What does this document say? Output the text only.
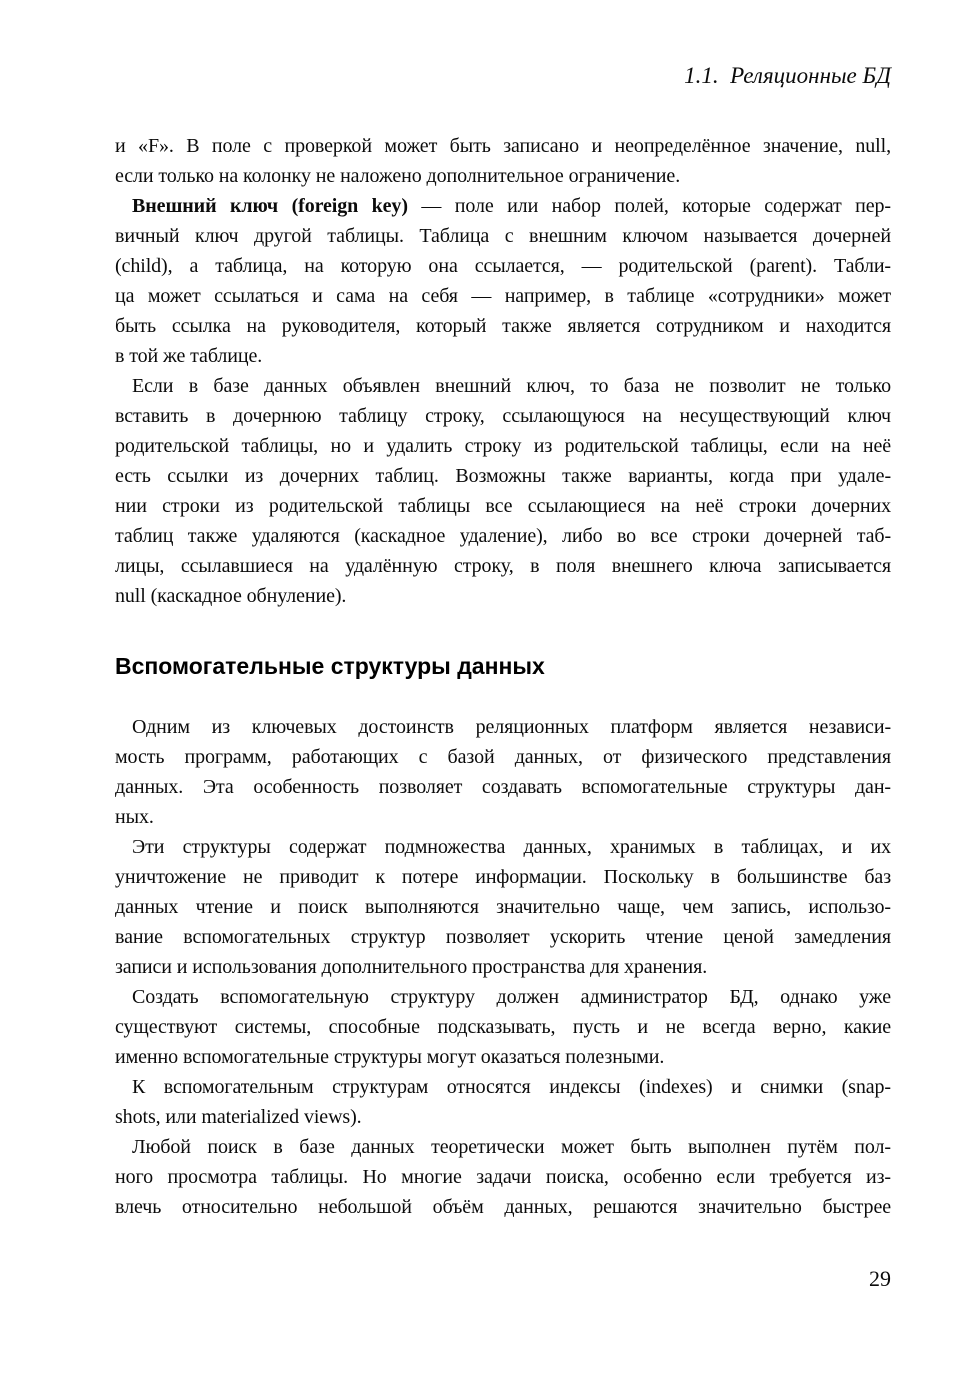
1.1.  Реляционные БД
и «F». В поле с проверкой может быть записано и неопределённое значение, null,
если только на колонку не наложено дополнительное ограничение.
Внешний ключ (foreign key) — поле или набор полей, которые содержат пер-
вичный ключ другой таблицы. Таблица с внешним ключом называется дочерней
(child), а таблица, на которую она ссылается, — родительской (parent). Табли-
ца может ссылаться и сама на себя — например, в таблице «сотрудники» может
быть ссылка на руководителя, который также является сотрудником и находится
в той же таблице.
Если в базе данных объявлен внешний ключ, то база не позволит не только
вставить в дочернюю таблицу строку, ссылающуюся на несуществующий ключ
родительской таблицы, но и удалить строку из родительской таблицы, если на неё
есть ссылки из дочерних таблиц. Возможны также варианты, когда при удале-
нии строки из родительской таблицы все ссылающиеся на неё строки дочерних
таблиц также удаляются (каскадное удаление), либо во все строки дочерней таб-
лицы, ссылавшиеся на удалённую строку, в поля внешнего ключа записывается
null (каскадное обнуление).
Вспомогательные структуры данных
Одним из ключевых достоинств реляционных платформ является независи-
мость программ, работающих с базой данных, от физического представления
данных. Эта особенность позволяет создавать вспомогательные структуры дан-
ных.
Эти структуры содержат подмножества данных, хранимых в таблицах, и их
уничтожение не приводит к потере информации. Поскольку в большинстве баз
данных чтение и поиск выполняются значительно чаще, чем запись, использо-
вание вспомогательных структур позволяет ускорить чтение ценой замедления
записи и использования дополнительного пространства для хранения.
Создать вспомогательную структуру должен администратор БД, однако уже
существуют системы, способные подсказывать, пусть и не всегда верно, какие
именно вспомогательные структуры могут оказаться полезными.
К вспомогательным структурам относятся индексы (indexes) и снимки (snap-
shots, или materialized views).
Любой поиск в базе данных теоретически может быть выполнен путём пол-
ного просмотра таблицы. Но многие задачи поиска, особенно если требуется из-
влечь относительно небольшой объём данных, решаются значительно быстрее
29
